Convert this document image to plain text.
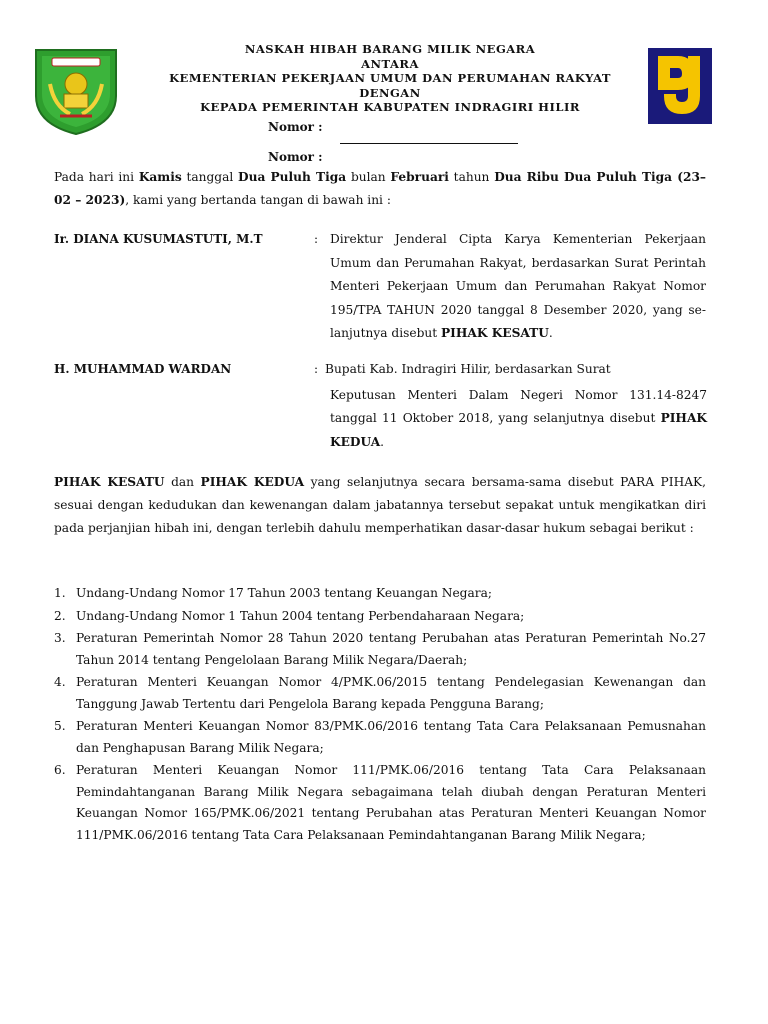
NASKAH HIBAH BARANG MILIK NEGARA
ANTARA
KEMENTERIAN PEKERJAAN UMUM DAN PERUMAHAN RAKYAT
DENGAN
KEPADA PEMERINTAH KABUPATEN INDRAGIRI HILIR
Nomor :
Nomor :
Pada hari ini Kamis tanggal Dua Puluh Tiga bulan Februari tahun Dua Ribu Dua Puluh Tiga (23– 02 – 2023), kami yang bertanda tangan di bawah ini :
Ir. DIANA KUSUMASTUTI, M.T	: Direktur Jenderal Cipta Karya Kementerian Pekerjaan Umum dan Perumahan Rakyat, berdasarkan Surat Perintah Menteri Pekerjaan Umum dan Perumahan Rakyat Nomor 195/TPA TAHUN 2020 tanggal 8 Desember 2020, yang se-lanjutnya disebut PIHAK KESATU.
H. MUHAMMAD WARDAN	: Bupati Kab. Indragiri Hilir, berdasarkan Surat
Keputusan Menteri Dalam Negeri Nomor 131.14-8247 tanggal 11 Oktober 2018, yang selanjutnya disebut PIHAK KEDUA.
PIHAK KESATU dan PIHAK KEDUA yang selanjutnya secara bersama-sama disebut PARA PIHAK, sesuai dengan kedudukan dan kewenangan dalam jabatannya tersebut sepakat untuk mengikatkan diri pada perjanjian hibah ini, dengan terlebih dahulu memperhatikan dasar-dasar hukum sebagai berikut :
1. Undang-Undang Nomor 17 Tahun 2003 tentang Keuangan Negara;
2. Undang-Undang Nomor 1 Tahun 2004 tentang Perbendaharaan Negara;
3. Peraturan Pemerintah Nomor 28 Tahun 2020 tentang Perubahan atas Peraturan Pemerintah No.27 Tahun 2014 tentang Pengelolaan Barang Milik Negara/Daerah;
4. Peraturan Menteri Keuangan Nomor 4/PMK.06/2015 tentang Pendelegasian Kewenangan dan Tanggung Jawab Tertentu dari Pengelola Barang kepada Pengguna Barang;
5. Peraturan Menteri Keuangan Nomor 83/PMK.06/2016 tentang Tata Cara Pelaksanaan Pemusnahan dan Penghapusan Barang Milik Negara;
6. Peraturan Menteri Keuangan Nomor 111/PMK.06/2016 tentang Tata Cara Pelaksanaan Pemindahtanganan Barang Milik Negara sebagaimana telah diubah dengan Peraturan Menteri Keuangan Nomor 165/PMK.06/2021 tentang Perubahan atas Peraturan Menteri Keuangan Nomor 111/PMK.06/2016 tentang Tata Cara Pelaksanaan Pemindahtanganan Barang Milik Negara;
